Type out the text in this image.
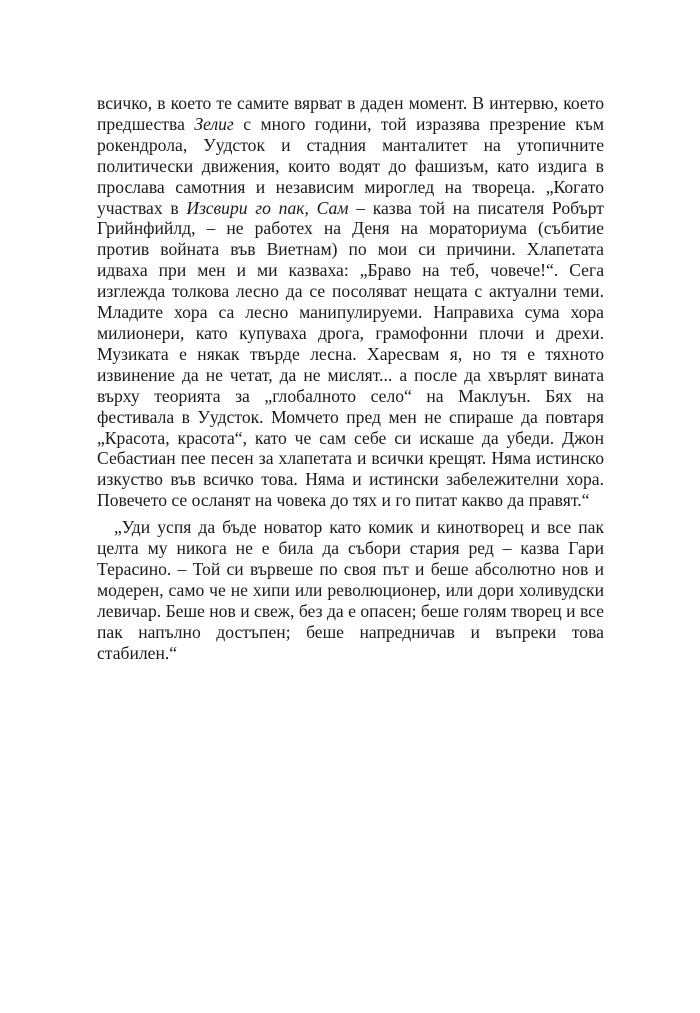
всичко, в което те самите вярват в даден момент. В интервю, което предшества Зелиг с много години, той изразява презрение към рокендрола, Уудсток и стадния манталитет на утопичните политически движения, които водят до фашизъм, като издига в прослава самотния и независим мироглед на твореца. „Когато участвах в Изсвири го пак, Сам – казва той на писателя Робърт Грийнфийлд, – не работех на Деня на мораториума (събитие против войната във Виетнам) по мои си причини. Хлапетата идваха при мен и ми казваха: „Браво на теб, човече!“. Сега изглежда толкова лесно да се посоляват нещата с актуални теми. Младите хора са лесно манипулируеми. Направиха сума хора милионери, като купуваха дрога, грамофонни плочи и дрехи. Музиката е някак твърде лесна. Харесвам я, но тя е тяхното извинение да не четат, да не мислят... а после да хвърлят вината върху теорията за „глобалното село“ на Маклуън. Бях на фестивала в Уудсток. Момчето пред мен не спираше да повтаря „Красота, красота“, като че сам себе си искаше да убеди. Джон Себастиан пее песен за хлапетата и всички крещят. Няма истинско изкуство във всичко това. Няма и истински забележителни хора. Повечето се осланят на човека до тях и го питат какво да правят.“

„Уди успя да бъде новатор като комик и кинотворец и все пак целта му никога не е била да събори стария ред – казва Гари Терасино. – Той си вървеше по своя път и беше абсолютно нов и модерен, само че не хипи или революционер, или дори холивудски левичар. Беше нов и свеж, без да е опасен; беше голям творец и все пак напълно достъпен; беше напредничав и въпреки това стабилен.“
